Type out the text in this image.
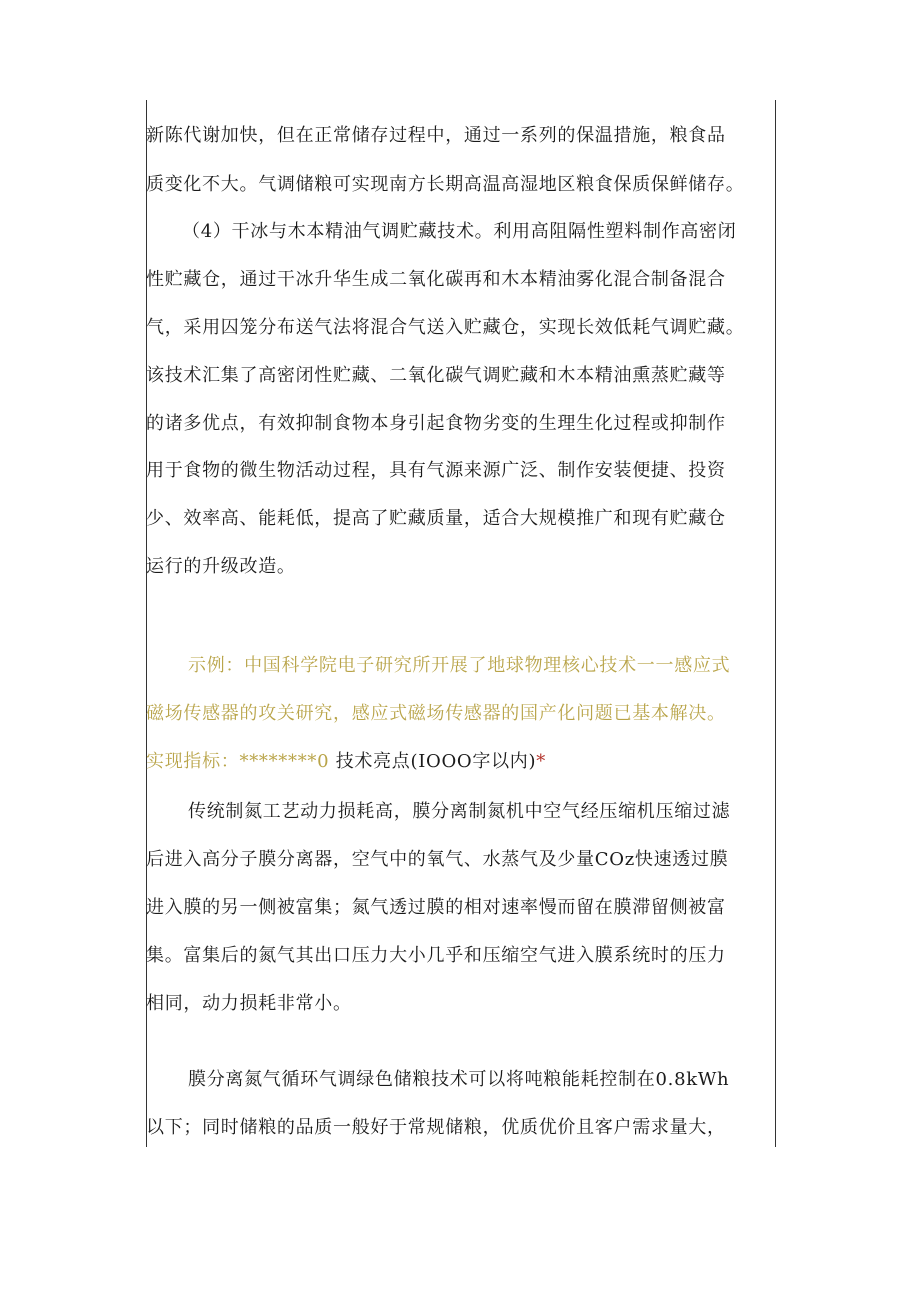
新陈代谢加快，但在正常储存过程中，通过一系列的保温措施，粮食品

质变化不大。气调储粮可实现南方长期高温高湿地区粮食保质保鲜储存。

（4）干冰与木本精油气调贮藏技术。利用高阻隔性塑料制作高密闭

性贮藏仓，通过干冰升华生成二氧化碳再和木本精油雾化混合制备混合

气，采用囚笼分布送气法将混合气送入贮藏仓，实现长效低耗气调贮藏。

该技术汇集了高密闭性贮藏、二氧化碳气调贮藏和木本精油熏蒸贮藏等

的诸多优点，有效抑制食物本身引起食物劣变的生理生化过程或抑制作

用于食物的微生物活动过程，具有气源来源广泛、制作安装便捷、投资

少、效率高、能耗低，提高了贮藏质量，适合大规模推广和现有贮藏仓

运行的升级改造。

示例：中国科学院电子研究所开展了地球物理核心技术一一感应式

磁场传感器的攻关研究，感应式磁场传感器的国产化问题已基本解决。

实现指标：********0 技术亮点(IOOO字以内)*

传统制氮工艺动力损耗高，膜分离制氮机中空气经压缩机压缩过滤

后进入高分子膜分离器，空气中的氧气、水蒸气及少量COz快速透过膜

进入膜的另一侧被富集；氮气透过膜的相对速率慢而留在膜滞留侧被富

集。富集后的氮气其出口压力大小几乎和压缩空气进入膜系统时的压力

相同，动力损耗非常小。

膜分离氮气循环气调绿色储粮技术可以将吨粮能耗控制在0.8kWh

以下；同时储粮的品质一般好于常规储粮，优质优价且客户需求量大，
